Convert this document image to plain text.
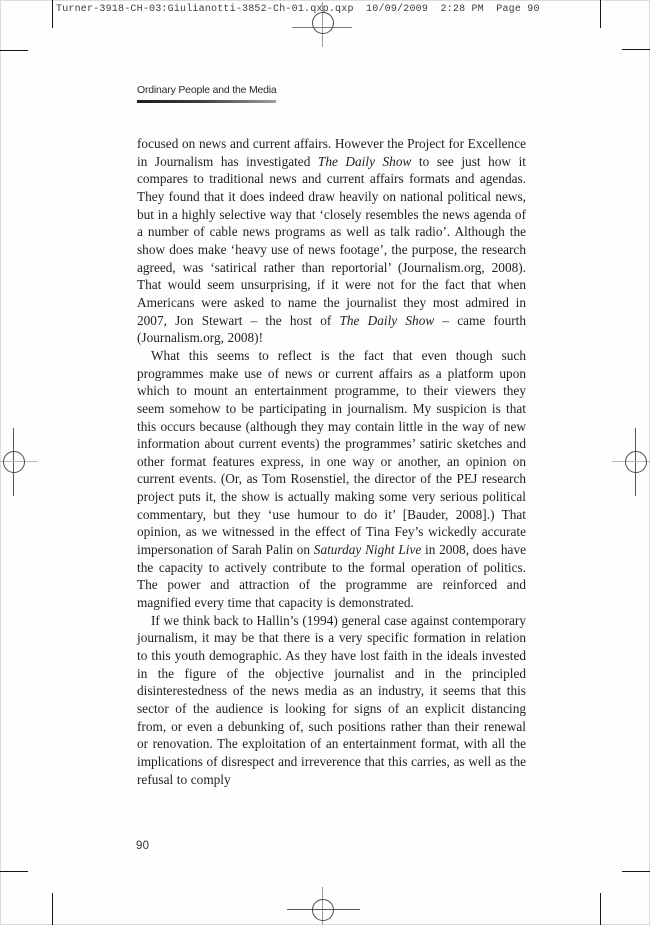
Turner-3918-CH-03:Giulianotti-3852-Ch-01.qxp.qxp  10/09/2009  2:28 PM  Page 90
Ordinary People and the Media

focused on news and current affairs. However the Project for Excellence in Journalism has investigated The Daily Show to see just how it compares to traditional news and current affairs formats and agendas. They found that it does indeed draw heavily on national political news, but in a highly selective way that ‘closely resembles the news agenda of a number of cable news programs as well as talk radio’. Although the show does make ‘heavy use of news footage’, the purpose, the research agreed, was ‘satirical rather than reportorial’ (Journalism.org, 2008). That would seem unsurprising, if it were not for the fact that when Americans were asked to name the journalist they most admired in 2007, Jon Stewart – the host of The Daily Show – came fourth (Journalism.org, 2008)!

What this seems to reflect is the fact that even though such programmes make use of news or current affairs as a platform upon which to mount an entertainment programme, to their viewers they seem somehow to be participating in journalism. My suspicion is that this occurs because (although they may contain little in the way of new information about current events) the programmes’ satiric sketches and other format features express, in one way or another, an opinion on current events. (Or, as Tom Rosenstiel, the director of the PEJ research project puts it, the show is actually making some very serious political commentary, but they ‘use humour to do it’ [Bauder, 2008].) That opinion, as we witnessed in the effect of Tina Fey’s wickedly accurate impersonation of Sarah Palin on Saturday Night Live in 2008, does have the capacity to actively contribute to the formal operation of politics. The power and attraction of the programme are reinforced and magnified every time that capacity is demonstrated.

If we think back to Hallin’s (1994) general case against contemporary journalism, it may be that there is a very specific formation in relation to this youth demographic. As they have lost faith in the ideals invested in the figure of the objective journalist and in the principled disinterestedness of the news media as an industry, it seems that this sector of the audience is looking for signs of an explicit distancing from, or even a debunking of, such positions rather than their renewal or renovation. The exploitation of an entertainment format, with all the implications of disrespect and irreverence that this carries, as well as the refusal to comply

90
